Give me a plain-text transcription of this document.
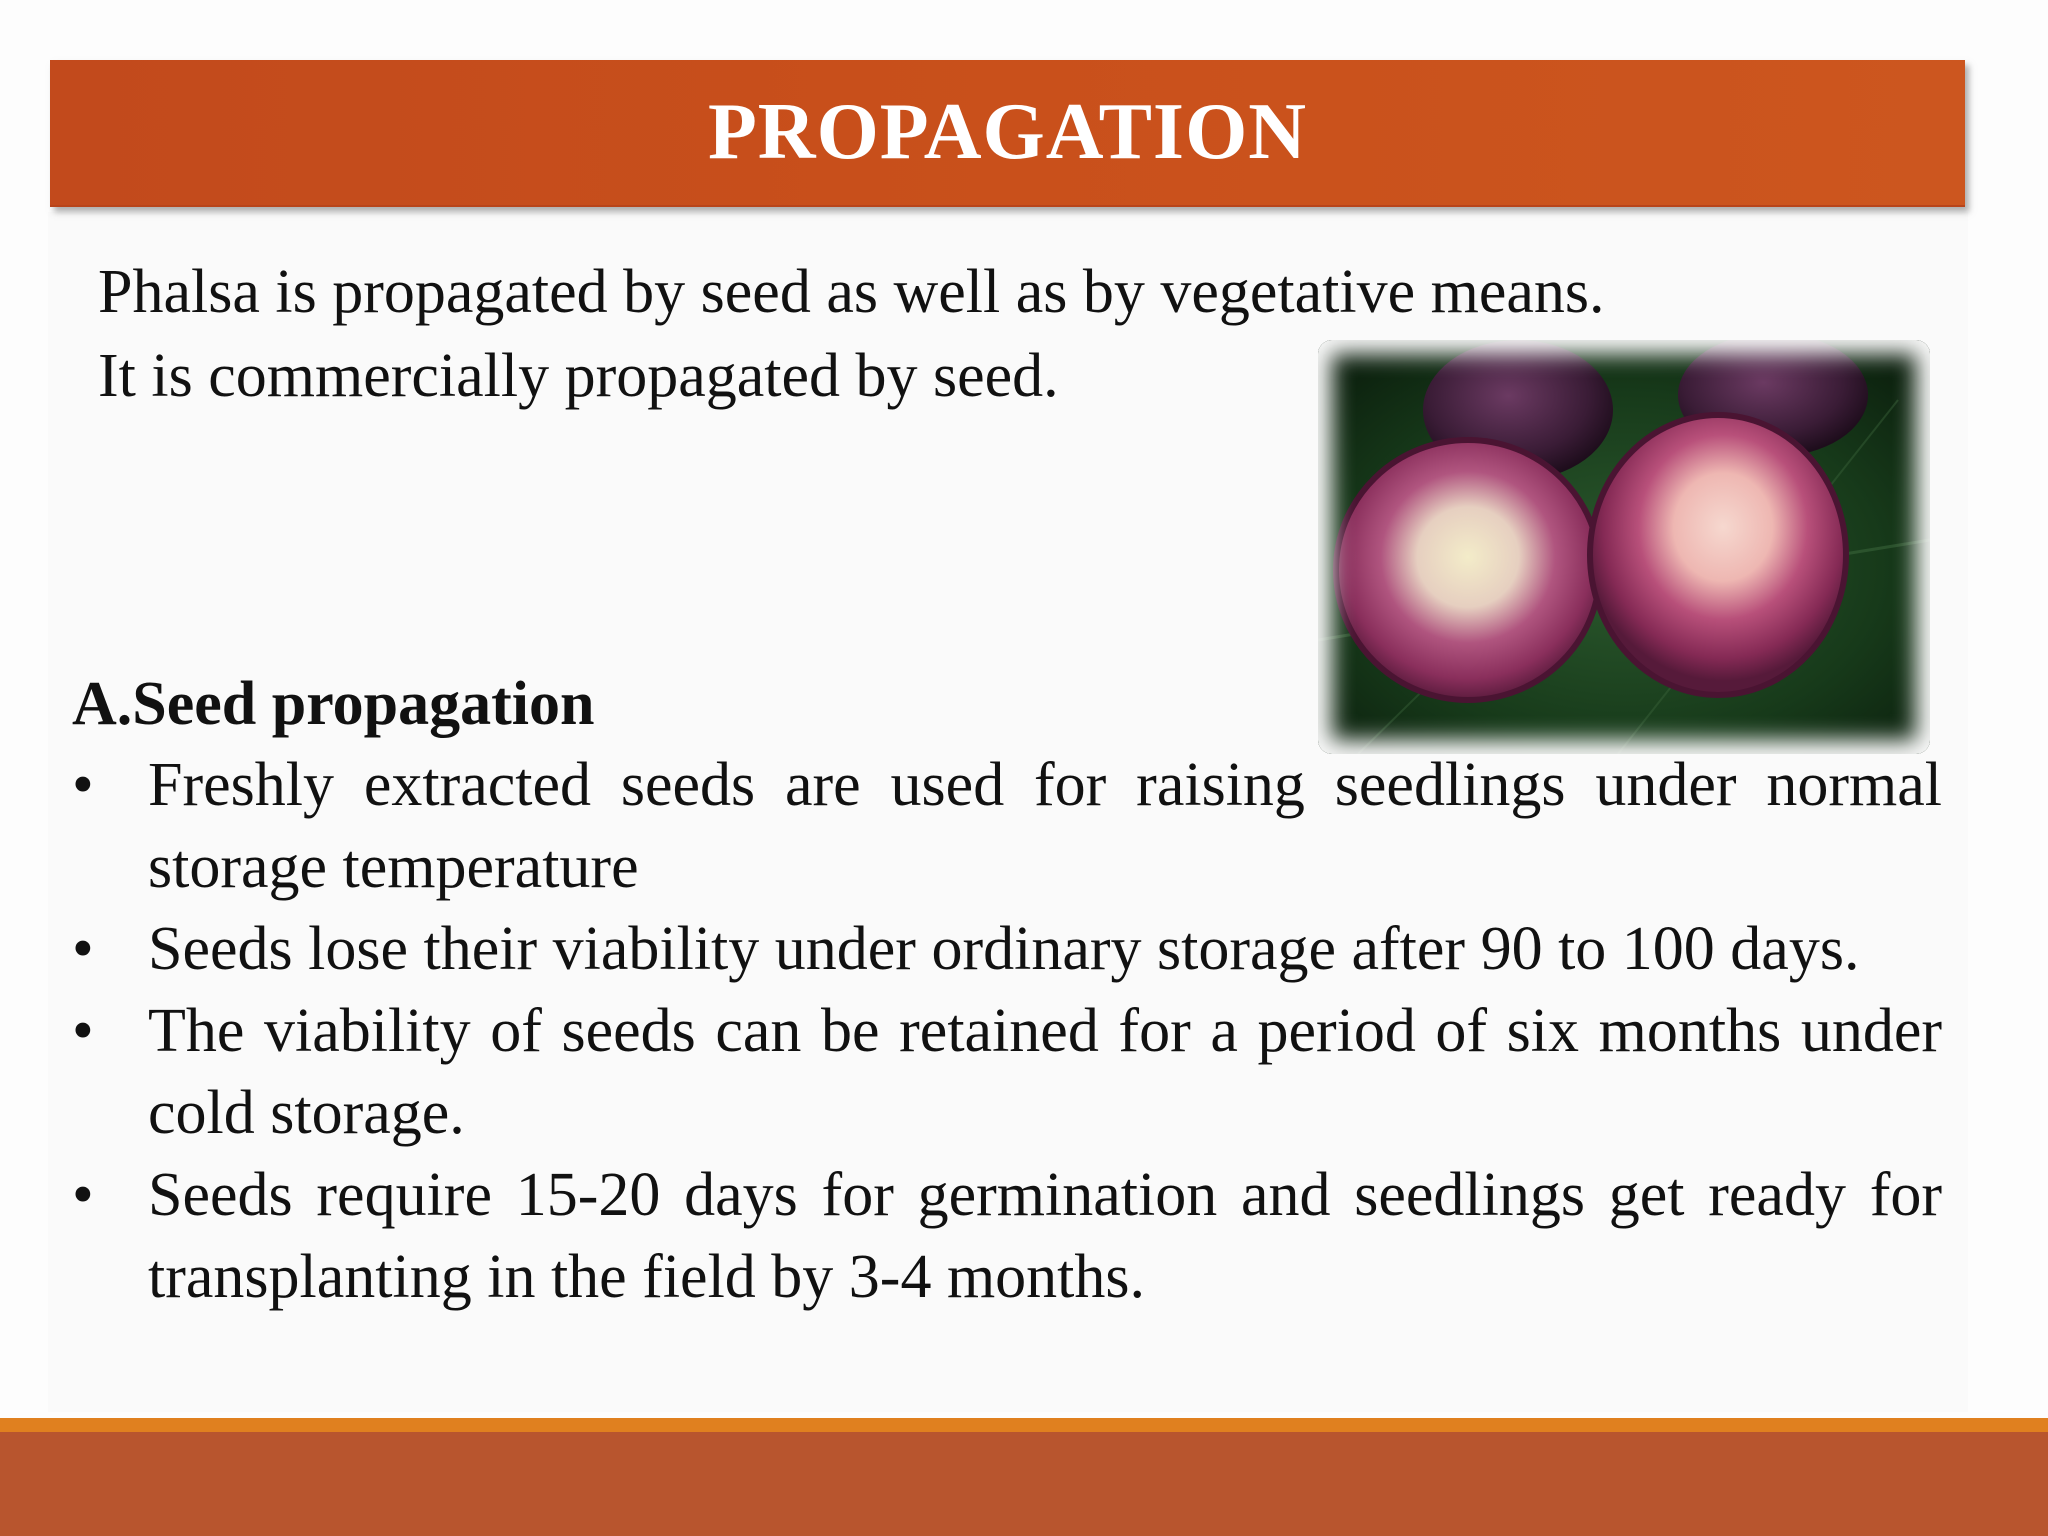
PROPAGATION
Phalsa is propagated by seed as well as by vegetative means.
It is commercially propagated by seed.
A.Seed propagation
• Freshly extracted seeds are used for raising seedlings under normal storage temperature
• Seeds lose their viability under ordinary storage after 90 to 100 days.
• The viability of seeds can be retained for a period of six months under cold storage.
• Seeds require 15-20 days for germination and seedlings get ready for transplanting in the field by 3-4 months.
